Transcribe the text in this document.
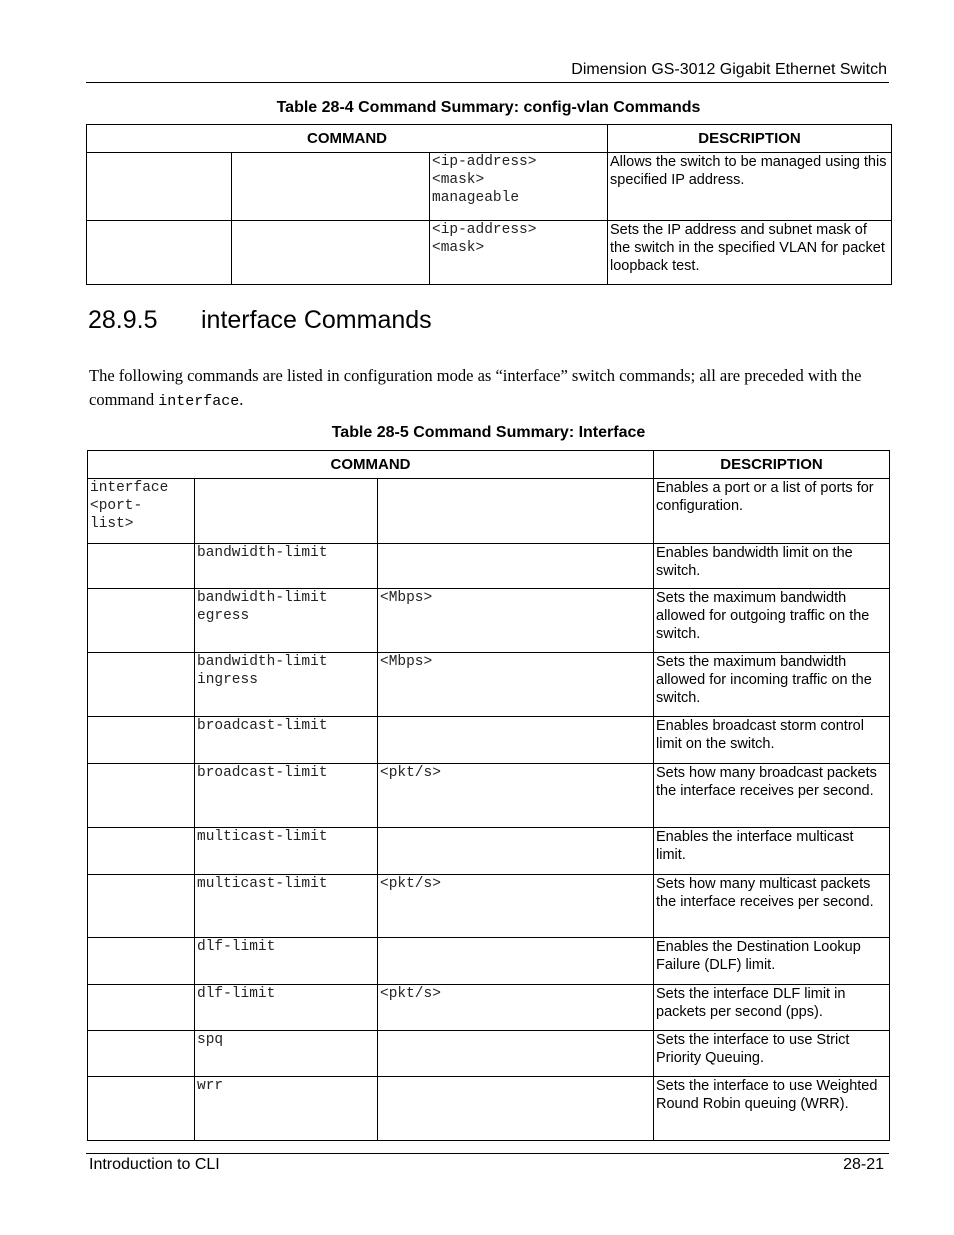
Dimension GS-3012 Gigabit Ethernet Switch
Table 28-4 Command Summary: config-vlan Commands
COMMAND			DESCRIPTION
		<ip-address>
<mask>
manageable	Allows the switch to be managed using this specified IP address.
		<ip-address>
<mask>	Sets the IP address and subnet mask of the switch in the specified VLAN for packet loopback test.
28.9.5 interface Commands
The following commands are listed in configuration mode as “interface” switch commands; all are preceded with the command interface.
Table 28-5 Command Summary: Interface
COMMAND			DESCRIPTION
interface
<port-
list>			Enables a port or a list of ports for configuration.
	bandwidth-limit		Enables bandwidth limit on the switch.
	bandwidth-limit
egress	<Mbps>	Sets the maximum bandwidth allowed for outgoing traffic on the switch.
	bandwidth-limit
ingress	<Mbps>	Sets the maximum bandwidth allowed for incoming traffic on the switch.
	broadcast-limit		Enables broadcast storm control limit on the switch.
	broadcast-limit	<pkt/s>	Sets how many broadcast packets the interface receives per second.
	multicast-limit		Enables the interface multicast limit.
	multicast-limit	<pkt/s>	Sets how many multicast packets the interface receives per second.
	dlf-limit		Enables the Destination Lookup Failure (DLF) limit.
	dlf-limit	<pkt/s>	Sets the interface DLF limit in packets per second (pps).
	spq		Sets the interface to use Strict Priority Queuing.
	wrr		Sets the interface to use Weighted Round Robin queuing (WRR).
Introduction to CLI	28-21
